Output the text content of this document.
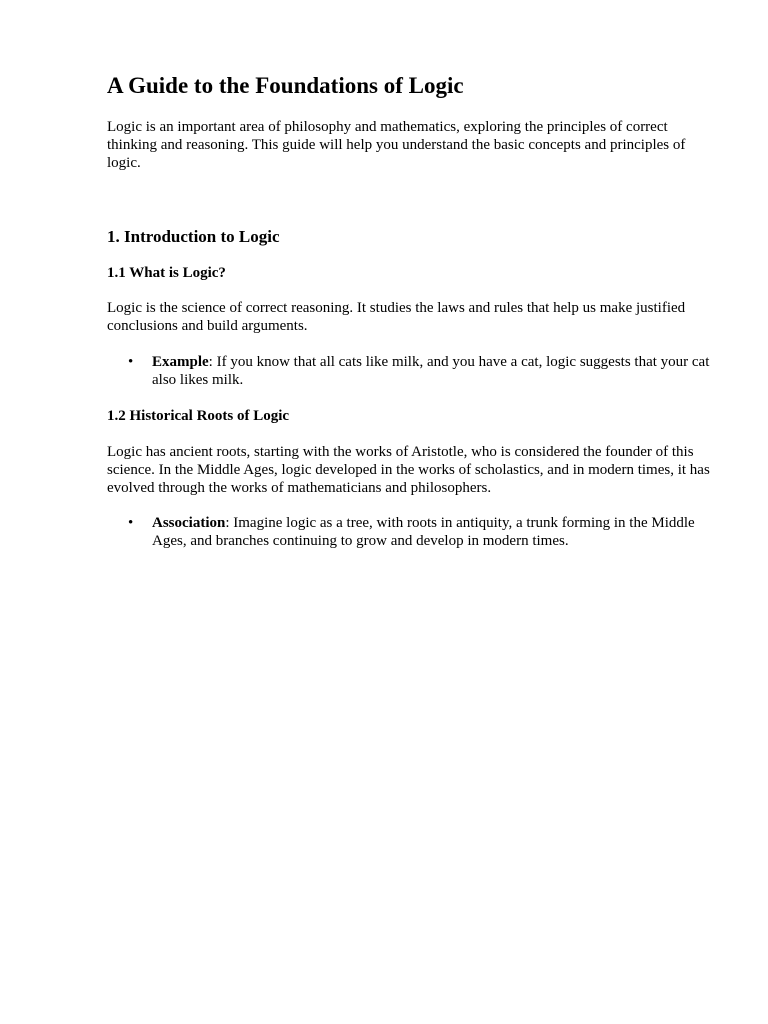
A Guide to the Foundations of Logic

Logic is an important area of philosophy and mathematics, exploring the principles of correct thinking and reasoning. This guide will help you understand the basic concepts and principles of logic.

1. Introduction to Logic
1.1 What is Logic?

Logic is the science of correct reasoning. It studies the laws and rules that help us make justified conclusions and build arguments.

• Example: If you know that all cats like milk, and you have a cat, logic suggests that your cat also likes milk.
1.2 Historical Roots of Logic

Logic has ancient roots, starting with the works of Aristotle, who is considered the founder of this science. In the Middle Ages, logic developed in the works of scholastics, and in modern times, it has evolved through the works of mathematicians and philosophers.

• Association: Imagine logic as a tree, with roots in antiquity, a trunk forming in the Middle Ages, and branches continuing to grow and develop in modern times.
